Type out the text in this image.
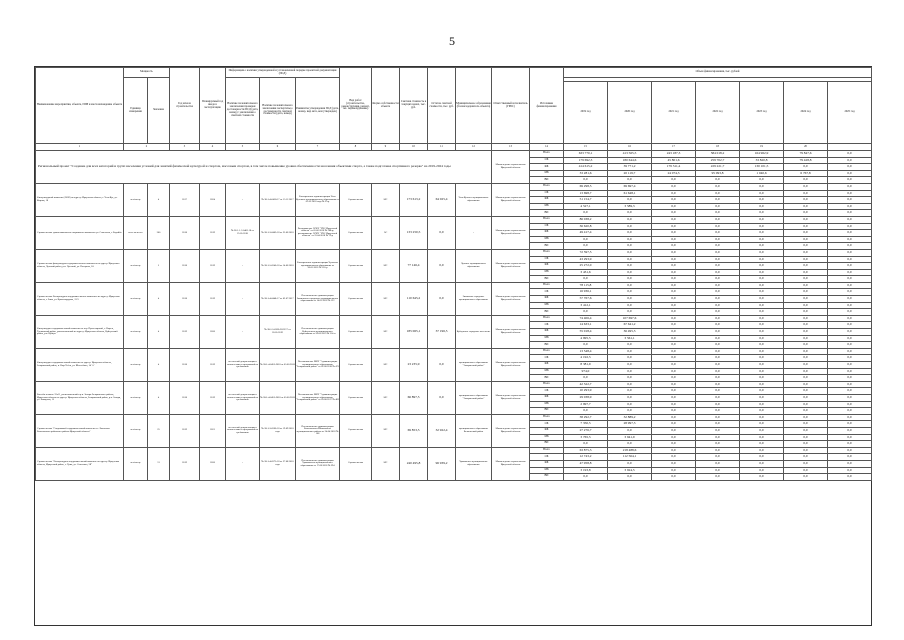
5
Наименование мероприятия, объекта, ПИР и местонахождение объекта	Мощность		Год начала строительства	Планируемый год ввода в эксплуатацию	Информация о наличии утвержденной и установленной порядке проектной документации (ПСД)			Вид работ (строительство, реконструкция, ремонт, тех. перевооружение)	Форма собственности объекта	Сметная стоимость в текущих ценах, тыс. руб.	Остаток сметной стоимости, тыс. руб.	Муниципальное образование (балансодержатель объекта)	Ответственный исполнитель (ГРБС)	Источники финансирования	Объем финансирования, тыс. рублей						
	Единица измерения	Значение			Наличие положительного заключения проверки достоверности ПСД (дата, номер) / заключения о сметной стоимости	Наличие положительного заключения экспертизы о достоверности сметной стоимости (дата, номер)	Реквизиты утверждения ПСД (дата, номер, вид акта, кем утвержден)														
															2019 год	2020 год	2021 год	2022 год	2023 год	2024 год	2025 год
1	2		3	4	5	6	7	8	9	10	11	12	13	14	15	16	17	18	19	20	
Региональный проект "Создание для всех категорий и групп населения условий для занятий физической культурой и спортом, массовым спортом, в том числе повышение уровня обеспеченности населения объектами спорта, а также подготовка спортивного резерва" на 2019-2024 годы													Министерство строительства Иркутской области	Всего	633 770,1	413 565,5	243 187,3	584 018,2	164 962,9	79 847,6	0,0
														ОБ	179 692,3	180 644,6	45 801,6	259 702,7	33 820,8	79 428,8	0,0
														ФБ	414 615,2	39 771,2	179 311,4	229 221,7	130 101,5	0,0	0,0
														МБ	33 281,6	20 119,7	24 074,3	95 093,8	1 040,6	6 767,8	0,0
														ВИ	0,0	0,0	0,0	0,0	0,0	0,0	0,0
Физкультурный комплекс (ФОК) по адресу: Иркутская область, г. Усть-Кут, ул. Кирова, 18	чел/смену	4	2017	2024	-	№ 38-1-4-0458-17 от 15.11.2017	Распоряжение администрации Усть-Кутского муниципального образования от 01.03.2018 года № 35-р	Строительство	МС	173 613,2	64 025,4	Усть-Кутское муниципальное образование	Министерство строительства Иркутской области	Всего	69 298,5	69 697,4	0,0	0,0	0,0	0,0	0,0
														ОБ	13 698,7	61 648,1	0,0	0,0	0,0	0,0	0,0
														ФБ	51 154,7	0,0	0,0	0,0	0,0	0,0	0,0
														МБ	4 527,1	3 589,3	0,0	0,0	0,0	0,0	0,0
														ВИ	0,0	0,0	0,0	0,0	0,0	0,0	0,0
Строительство здания школьного спортивного комплекса ул. Советская, г. Бодайбо	мест на место	300	2018	2019	№ 38-1-1-3-0403-18 от 25.05.2018	№ 38-1-3-0403-18 от 25.06.2018	Распоряжение ОГКУ "УКС Иркутской области" от 05.06.2018 № 284-р; распоряжение ОГКУ "УКС Иркутской области" от 25.04.2018 № 79-р	Строительство	ОС	133 250,5	0,0	-	Министерство строительства Иркутской области	Всего	86 038,2	0,0	0,0	0,0	0,0	0,0	0,0
														ОБ	36 620,8	0,0	0,0	0,0	0,0	0,0	0,0
														ФБ	49 417,4	0,0	0,0	0,0	0,0	0,0	0,0
														МБ	0,0	0,0	0,0	0,0	0,0	0,0	0,0
														ВИ	0,0	0,0	0,0	0,0	0,0	0,0	0,0
Строительство физкультурно-оздоровительного комплекса по адресу: Иркутская область, Чунский район, р.п. Чунский, ул. Нагорная, 6А	чел/смену	5	2018	2019	-	№ 38-1-5-0346-18 от 14.06.2018	Распоряжение администрации Чунского муниципального образования от 20.05.2016 № 156-р	Строительство	МС	77 146,4	0,0	Чунское муниципальное образование	Министерство строительства Иркутской области	Всего	72 597,5	0,0	0,0	0,0	0,0	0,0	0,0
														ОБ	43 293,9	0,0	0,0	0,0	0,0	0,0	0,0
														ФБ	25 272,0	0,0	0,0	0,0	0,0	0,0	0,0
														МБ	3 431,6	0,0	0,0	0,0	0,0	0,0	0,0
														ВИ	0,0	0,0	0,0	0,0	0,0	0,0	0,0
Строительство Физкультурно-оздоровительного комплекса по адресу: Иркутская область, г. Зима, ул. Краснопрудная, 12/3	чел/смену	4	2018	2019	-	№ 38-1-4-0448-17 от 02.07.2017	Постановление администрации Зиминского городского муниципального образования от 14.02.2018 № 122	Строительство	МС	110 645,2	0,0	Зиминское городское муниципальное образование	Министерство строительства Иркутской области	Всего	78 115,8	0,0	0,0	0,0	0,0	0,0	0,0
														ОБ	16 936,1	0,0	0,0	0,0	0,0	0,0	0,0
														ФБ	57 767,6	0,0	0,0	0,0	0,0	0,0	0,0
														МБ	3 412,1	0,0	0,0	0,0	0,0	0,0	0,0
														ВИ	0,0	0,0	0,0	0,0	0,0	0,0	0,0
Физкультурно-оздоровительный комплекс по пер. Пролетарский, с. Кырен, Тункинский район, расположенный по адресу: Иркутская область, Куйтунский район, р.п. Куйтун	чел/смену	4	2019	2020	-	№ 38-1-5-0366-2019/17 от 20.05.2019	Постановление администрации Куйтунского муниципального образования от 20.06.2019 № 214-п	Строительство	МС	185 065,1	37 196,5	Куйтунское городское поселение	Министерство строительства Иркутской области	Всего	74 406,4	107 697,6	0,0	0,0	0,0	0,0	0,0
														ОБ	14 633,1	67 641,2	0,0	0,0	0,0	0,0	0,0
														ФБ	55 018,4	36 495,3	0,0	0,0	0,0	0,0	0,0
														МБ	4 995,5	3 561,1	0,0	0,0	0,0	0,0	0,0
														ВИ	0,0	0,0	0,0	0,0	0,0	0,0	0,0
Физкультурно-оздоровительный комплекс по адресу: Иркутская область, Заларинский район, п. Кир-Тебек, ул. Шоссейная, 14 "а"	чел/смену	4	2018	2019	по сметной документации в соответствии с программой по требованию	№ 38-1-4-0455-2018 от 05.06.2018	Постановление МКУ "Администрация муниципального образования "Заларинский район" от 02.08.2018 № 475	Строительство	МС	23 235,9	0,0	муниципальное образование "Заларинский район"	Министерство строительства Иркутской области	Всего	13 548,4	0,0	0,0	0,0	0,0	0,0	0,0
														ОБ	4 192,5	0,0	0,0	0,0	0,0	0,0	0,0
														ФБ	8 381,9	0,0	0,0	0,0	0,0	0,0	0,0
														МБ	974,0	0,0	0,0	0,0	0,0	0,0	0,0
														ВИ	0,0	0,0	0,0	0,0	0,0	0,0	0,0
Бассейн в школе 33х11, расположенный в р.п. Залари Заларинского района, Иркутская область по адресу: Иркутская область, Заларинский район, р.п. Залари, ул. Заводская, 15	чел/смену	4	2018	2019	по сметной документации в соответствии с программой по требованию	№ 38-1-4-0455-2018 от 05.06.2018	Постановление МКУ "Администрация муниципального образования "Заларинский район" от 20.08.2017 № 482	Строительство	МС	66 897,5	0,0	муниципальное образование "Заларинский район"	Министерство строительства Иркутской области	Всего	42 322,7	0,0	0,0	0,0	0,0	0,0	0,0
														ОБ	10 293,9	0,0	0,0	0,0	0,0	0,0	0,0
														ФБ	29 038,9	0,0	0,0	0,0	0,0	0,0	0,0
														МБ	2 997,7	0,0	0,0	0,0	0,0	0,0	0,0
														ВИ	0,0	0,0	0,0	0,0	0,0	0,0	0,0
Строительство "Спортивный оздоровительный комплекс в с. Балаганск Балаганского районного района Иркутской области"	чел/смену	25	2019	2021	по сметной документации в соответствии с программой по требованию	№ 38-1-3-0366-18 от 19.09.2018 года	Постановление администрации Балаганского-Шаманского муниципального района от 24.04.2018 № 168	Строительство	МС	69 853,5	32 922,4	муниципальное образование Балаганский район	Министерство строительства Иркутской области	Всего	38 292,7	32 889,2	0,0	0,0	0,0	0,0	0,0
														ОБ	7 350,5	28 997,3	0,0	0,0	0,0	0,0	0,0
														ФБ	27 276,7	0,0	0,0	0,0	0,0	0,0	0,0
														МБ	3 765,5	3 941,9	0,0	0,0	0,0	0,0	0,0
														ВИ	0,0	0,0	0,0	0,0	0,0	0,0	0,0
Строительство "Физкультурно-оздоровительный комплекс по адресу: Иркутская область, Иркутский район, с. Урик, ул. Советская, 3Б"	чел/смену	31	2019	2020	-	№ 38-1-4-0375-18 от 27.08.2018 года	Постановление администрации Уриковского муниципального образования от 17.08.2018 № 394	Строительство	МС	240 495,8	96 939,2	Уриковское муниципальное образование	Министерство строительства Иркутской области	Всего	63 875,3	218 488,6	0,0	0,0	0,0	0,0	0,0
														ОБ	12 743,2	112 564,1	0,0	0,0	0,0	0,0	0,0
														ФБ	47 958,8	0,0	0,0	0,0	0,0	0,0	0,0
														МБ	3 193,8	3 924,5	0,0	0,0	0,0	0,0	0,0
														ВИ	0,0	0,0	0,0	0,0	0,0	0,0	0,0
